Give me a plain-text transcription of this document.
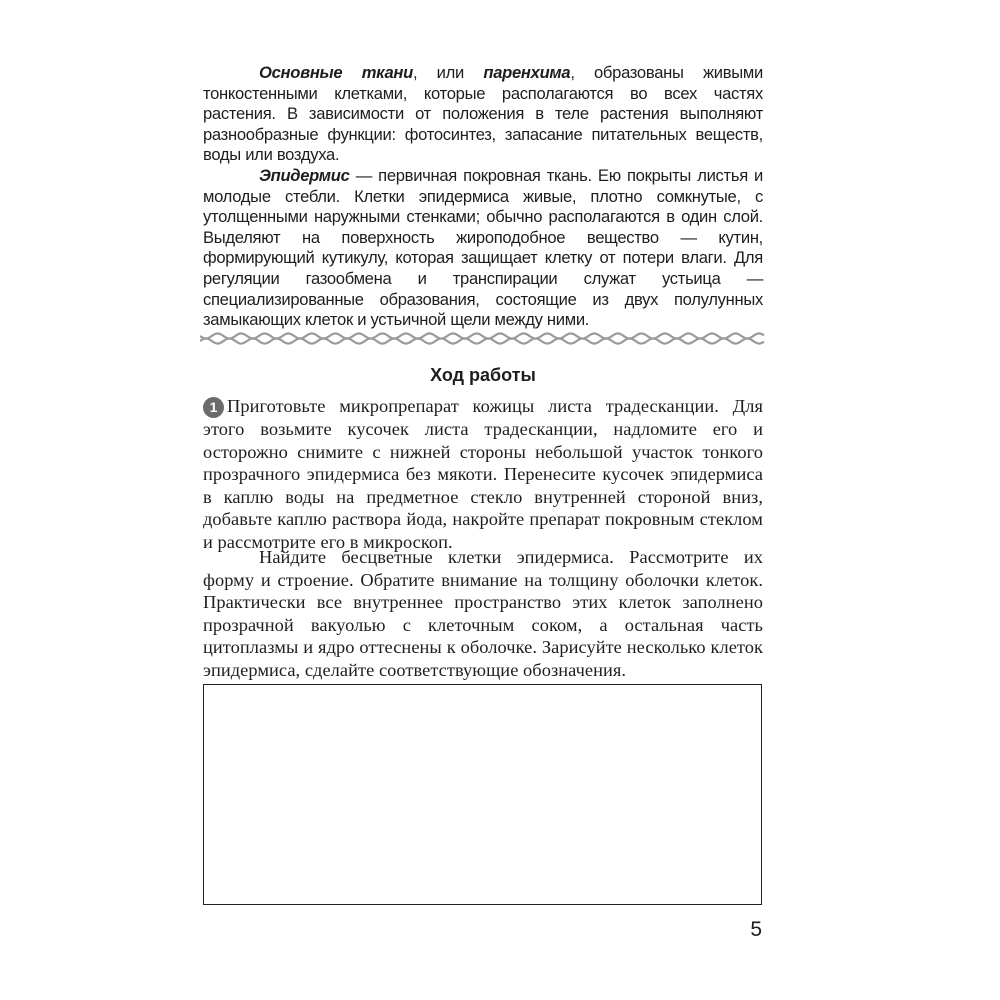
Основные ткани, или паренхима, образованы живыми тонкостенными клетками, которые располагаются во всех частях растения. В зависимости от положения в теле растения выполняют разнообразные функции: фотосинтез, запасание питательных веществ, воды или воздуха.

Эпидермис — первичная покровная ткань. Ею покрыты листья и молодые стебли. Клетки эпидермиса живые, плотно сомкнутые, с утолщенными наружными стенками; обычно располагаются в один слой. Выделяют на поверхность жироподобное вещество — кутин, формирующий кутикулу, которая защищает клетку от потери влаги. Для регуляции газообмена и транспирации служат устьица — специализированные образования, состоящие из двух полулунных замыкающих клеток и устьичной щели между ними.

Ход работы

1 Приготовьте микропрепарат кожицы листа традесканции. Для этого возьмите кусочек листа традесканции, надломите его и осторожно снимите с нижней стороны небольшой участок тонкого прозрачного эпидермиса без мякоти. Перенесите кусочек эпидермиса в каплю воды на предметное стекло внутренней стороной вниз, добавьте каплю раствора йода, накройте препарат покровным стеклом и рассмотрите его в микроскоп.

Найдите бесцветные клетки эпидермиса. Рассмотрите их форму и строение. Обратите внимание на толщину оболочки клеток. Практически все внутреннее пространство этих клеток заполнено прозрачной вакуолью с клеточным соком, а остальная часть цитоплазмы и ядро оттеснены к оболочке. Зарисуйте несколько клеток эпидермиса, сделайте соответствующие обозначения.

5
